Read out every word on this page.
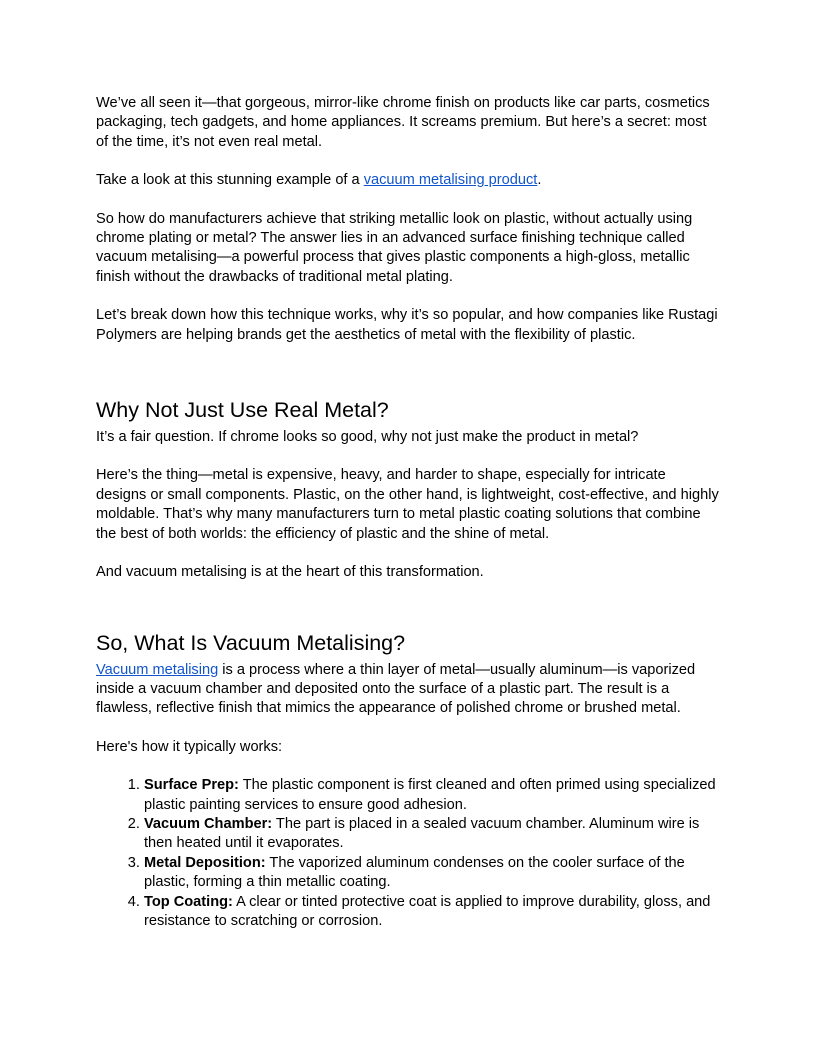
We’ve all seen it—that gorgeous, mirror-like chrome finish on products like car parts, cosmetics packaging, tech gadgets, and home appliances. It screams premium. But here’s a secret: most of the time, it’s not even real metal.

Take a look at this stunning example of a vacuum metalising product.

So how do manufacturers achieve that striking metallic look on plastic, without actually using chrome plating or metal? The answer lies in an advanced surface finishing technique called vacuum metalising—a powerful process that gives plastic components a high-gloss, metallic finish without the drawbacks of traditional metal plating.

Let’s break down how this technique works, why it’s so popular, and how companies like Rustagi Polymers are helping brands get the aesthetics of metal with the flexibility of plastic.

Why Not Just Use Real Metal?

It’s a fair question. If chrome looks so good, why not just make the product in metal?

Here’s the thing—metal is expensive, heavy, and harder to shape, especially for intricate designs or small components. Plastic, on the other hand, is lightweight, cost-effective, and highly moldable. That’s why many manufacturers turn to metal plastic coating solutions that combine the best of both worlds: the efficiency of plastic and the shine of metal.

And vacuum metalising is at the heart of this transformation.

So, What Is Vacuum Metalising?

Vacuum metalising is a process where a thin layer of metal—usually aluminum—is vaporized inside a vacuum chamber and deposited onto the surface of a plastic part. The result is a flawless, reflective finish that mimics the appearance of polished chrome or brushed metal.

Here's how it typically works:

1. Surface Prep: The plastic component is first cleaned and often primed using specialized plastic painting services to ensure good adhesion.
2. Vacuum Chamber: The part is placed in a sealed vacuum chamber. Aluminum wire is then heated until it evaporates.
3. Metal Deposition: The vaporized aluminum condenses on the cooler surface of the plastic, forming a thin metallic coating.
4. Top Coating: A clear or tinted protective coat is applied to improve durability, gloss, and resistance to scratching or corrosion.
